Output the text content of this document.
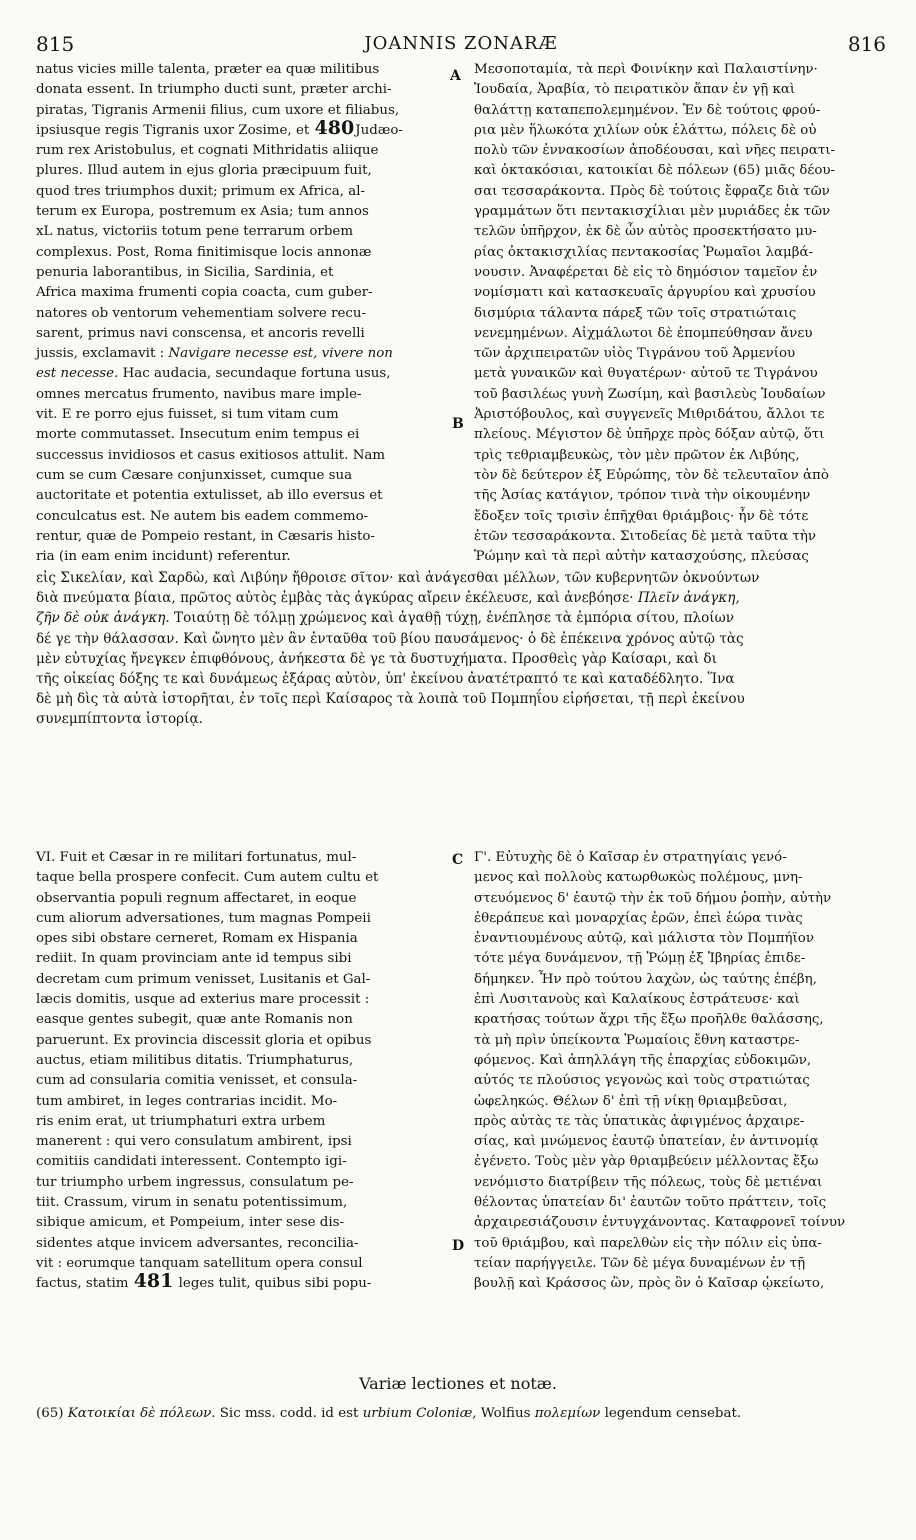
815	JOANNIS ZONARÆ	816
natus vicies mille talenta, præter ea quæ militibus
donata essent. In triumpho ducti sunt, præter archi-
piratas, Tigranis Armenii filius, cum uxore et filiabus,
ipsiusque regis Tigranis uxor Zosime, et 480Judæo-
rum rex Aristobulus, et cognati Mithridatis aliique
plures. Illud autem in ejus gloria præcipuum fuit,
quod tres triumphos duxit; primum ex Africa, al-
terum ex Europa, postremum ex Asia; tum annos
xL natus, victoriis totum pene terrarum orbem
complexus. Post, Roma finitimisque locis annonæ
penuria laborantibus, in Sicilia, Sardinia, et
Africa maxima frumenti copia coacta, cum guber-
natores ob ventorum vehementiam solvere recu-
sarent, primus navi conscensa, et ancoris revelli
jussis, exclamavit : Navigare necesse est, vivere non
est necesse. Hac audacia, secundaque fortuna usus,
omnes mercatus frumento, navibus mare imple-
vit. E re porro ejus fuisset, si tum vitam cum
morte commutasset. Insecutum enim tempus ei
successus invidiosos et casus exitiosos attulit. Nam
cum se cum Cæsare conjunxisset, cumque sua
auctoritate et potentia extulisset, ab illo eversus et
conculcatus est. Ne autem bis eadem commemo-
rentur, quæ de Pompeio restant, in Cæsaris histo-
ria (in eam enim incidunt) referentur.
A
B
C
D
Μεσοποταμία, τὰ περὶ Φοινίκην καὶ Παλαιστίνην·
Ἰουδαία, Ἀραβία, τὸ πειρατικὸν ἅπαν ἐν γῇ καὶ
θαλάττῃ καταπεπολεμημένον. Ἐν δὲ τούτοις φρού-
ρια μὲν ἥλωκότα χιλίων οὐκ ἐλάττω, πόλεις δὲ οὐ
πολὺ τῶν ἐννακοσίων ἀποδέουσαι, καὶ νῆες πειρατι-
καὶ ὀκτακόσιαι, κατοικίαι δὲ πόλεων (65) μιᾶς δέου-
σαι τεσσαράκοντα. Πρὸς δὲ τούτοις ἔφραζε διὰ τῶν
γραμμάτων ὅτι πεντακισχίλιαι μὲν μυριάδες ἐκ τῶν
τελῶν ὑπῆρχον, ἐκ δὲ ὧν αὐτὸς προσεκτήσατο μυ-
ρίας ὀκτακισχιλίας πεντακοσίας Ῥωμαῖοι λαμβά-
νουσιν. Ἀναφέρεται δὲ εἰς τὸ δημόσιον ταμεῖον ἐν
νομίσματι καὶ κατασκευαῖς ἀργυρίου καὶ χρυσίου
δισμύρια τάλαντα πάρεξ τῶν τοῖς στρατιώταις
νενεμημένων. Αἰχμάλωτοι δὲ ἐπομπεύθησαν ἄνευ
τῶν ἀρχιπειρατῶν υἱὸς Τιγράνου τοῦ Ἀρμενίου
μετὰ γυναικῶν καὶ θυγατέρων· αὐτοῦ τε Τιγράνου
τοῦ βασιλέως γυνὴ Ζωσίμη, καὶ βασιλεὺς Ἰουδαίων
Ἀριστόβουλος, καὶ συγγενεῖς Μιθριδάτου, ἄλλοι τε
πλείους. Μέγιστον δὲ ὑπῆρχε πρὸς δόξαν αὐτῷ, ὅτι
τρὶς τεθριαμβευκὼς, τὸν μὲν πρῶτον ἐκ Λιβύης,
τὸν δὲ δεύτερον ἐξ Εὐρώπης, τὸν δὲ τελευταῖον ἀπὸ
τῆς Ἀσίας κατάγιον, τρόπον τινὰ τὴν οἰκουμένην
ἔδοξεν τοῖς τρισὶν ἐπῆχθαι θριάμβοις· ἦν δὲ τότε
ἐτῶν τεσσαράκοντα. Σιτοδείας δὲ μετὰ ταῦτα τὴν
Ῥώμην καὶ τὰ περὶ αὐτὴν κατασχούσης, πλεύσας
εἰς Σικελίαν, καὶ Σαρδὼ, καὶ Λιβύην ἤθροισε σῖτον· καὶ ἀνάγεσθαι μέλλων, τῶν κυβερνητῶν ὀκνούντων
διὰ πνεύματα βίαια, πρῶτος αὐτὸς ἐμβὰς τὰς ἀγκύρας αἴρειν ἐκέλευσε, καὶ ἀνεβόησε· Πλεῖν ἀνάγκη,
ζῆν δὲ οὐκ ἀνάγκη. Τοιαύτῃ δὲ τόλμῃ χρώμενος καὶ ἀγαθῇ τύχῃ, ἐνέπλησε τὰ ἐμπόρια σίτου, πλοίων
δέ γε τὴν θάλασσαν. Καὶ ὤνητο μὲν ἂν ἐνταῦθα τοῦ βίου παυσάμενος· ὁ δὲ ἐπέκεινα χρόνος αὐτῷ τὰς
μὲν εὐτυχίας ἤνεγκεν ἐπιφθόνους, ἀνήκεστα δὲ γε τὰ δυστυχήματα. Προσθεὶς γὰρ Καίσαρι, καὶ δι
τῆς οἰκείας δόξης τε καὶ δυνάμεως ἐξάρας αὐτὸν, ὑπ' ἐκείνου ἀνατέτραπτό τε καὶ καταδέδλητο. Ἵνα
δὲ μὴ δὶς τὰ αὐτὰ ἱστορῆται, ἐν τοῖς περὶ Καίσαρος τὰ λοιπὰ τοῦ Πομπηΐου εἰρήσεται, τῇ περὶ ἐκείνου
συνεμπίπτοντα ἱστορίᾳ.
VI. Fuit et Cæsar in re militari fortunatus, mul-
taque bella prospere confecit. Cum autem cultu et
observantia populi regnum affectaret, in eoque
cum aliorum adversationes, tum magnas Pompeii
opes sibi obstare cerneret, Romam ex Hispania
rediit. In quam provinciam ante id tempus sibi
decretam cum primum venisset, Lusitanis et Gal-
læcis domitis, usque ad exterius mare processit :
easque gentes subegit, quæ ante Romanis non
paruerunt. Ex provincia discessit gloria et opibus
auctus, etiam militibus ditatis. Triumphaturus,
cum ad consularia comitia venisset, et consula-
tum ambiret, in leges contrarias incidit. Mo-
ris enim erat, ut triumphaturi extra urbem
manerent : qui vero consulatum ambirent, ipsi
comitiis candidati interessent. Contempto igi-
tur triumpho urbem ingressus, consulatum pe-
tiit. Crassum, virum in senatu potentissimum,
sibique amicum, et Pompeium, inter sese dis-
sidentes atque invicem adversantes, reconcilia-
vit : eorumque tanquam satellitum opera consul
factus, statim 481 leges tulit, quibus sibi popu-
Γ'. Εὐτυχὴς δὲ ὁ Καῖσαρ ἐν στρατηγίαις γενό-
μενος καὶ πολλοὺς κατωρθωκὼς πολέμους, μνη-
στευόμενος δ' ἑαυτῷ τὴν ἐκ τοῦ δήμου ῥοπὴν, αὐτὴν
ἐθεράπευε καὶ μοναρχίας ἐρῶν, ἐπεὶ ἑώρα τινὰς
ἐναντιουμένους αὐτῷ, καὶ μάλιστα τὸν Πομπήϊον
τότε μέγα δυνάμενον, τῇ Ῥώμῃ ἐξ Ἰβηρίας ἐπιδε-
δήμηκεν. Ἦν πρὸ τούτου λαχὼν, ὡς ταύτης ἐπέβη,
ἐπὶ Λυσιτανοὺς καὶ Καλαίκους ἐστράτευσε· καὶ
κρατήσας τούτων ἄχρι τῆς ἔξω προῆλθε θαλάσσης,
τὰ μὴ πρὶν ὑπείκοντα Ῥωμαίοις ἔθνη καταστρε-
φόμενος. Καὶ ἀπηλλάγη τῆς ἐπαρχίας εὐδοκιμῶν,
αὐτός τε πλούσιος γεγονὼς καὶ τοὺς στρατιώτας
ὠφεληκώς. Θέλων δ' ἐπὶ τῇ νίκῃ θριαμβεῦσαι,
πρὸς αὐτὰς τε τὰς ὑπατικὰς ἀφιγμένος ἀρχαιρε-
σίας, καὶ μνώμενος ἑαυτῷ ὑπατείαν, ἐν ἀντινομίᾳ
ἐγένετο. Τοὺς μὲν γὰρ θριαμβεύειν μέλλοντας ἔξω
νενόμιστο διατρίβειν τῆς πόλεως, τοὺς δὲ μετιέναι
θέλοντας ὑπατείαν δι' ἑαυτῶν τοῦτο πράττειν, τοῖς
ἀρχαιρεσιάζουσιν ἐντυγχάνοντας. Καταφρονεῖ τοίνυν
τοῦ θριάμβου, καὶ παρελθὼν εἰς τὴν πόλιν εἰς ὑπα-
τείαν παρήγγειλε. Τῶν δὲ μέγα δυναμένων ἐν τῇ
βουλῇ καὶ Κράσσος ὢν, πρὸς ὃν ὁ Καῖσαρ ᾠκείωτο,
Variæ lectiones et notæ.
(65) Κατοικίαι δὲ πόλεων. Sic mss. codd. id est urbium Coloniæ, Wolfius πολεμίων legendum censebat.
